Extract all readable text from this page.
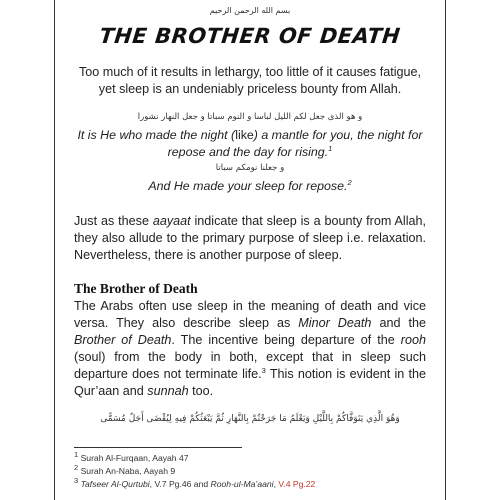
بسم الله الرحمن الرحيم
THE BROTHER OF DEATH
Too much of it results in lethargy, too little of it causes fatigue, yet sleep is an undeniably priceless bounty from Allah.
و هو الذى جعل لكم الليل لباسا و النوم سباتا و جعل النهار نشورا
It is He who made the night (like) a mantle for you, the night for repose and the day for rising.$^1$
و جعلنا نومكم سباتا
And He made your sleep for repose.$^2$
Just as these aayaat indicate that sleep is a bounty from Allah, they also allude to the primary purpose of sleep i.e. relaxation. Nevertheless, there is another purpose of sleep.
The Brother of Death
The Arabs often use sleep in the meaning of death and vice versa. They also describe sleep as Minor Death and the Brother of Death. The incentive being departure of the rooh (soul) from the body in both, except that in sleep such departure does not terminate life.$^3$ This notion is evident in the Qur’aan and sunnah too.
وَهُوَ الَّذِي يَتَوَفَّاكُمْ بِاللَّيْلِ وَيَعْلَمُ مَا جَرَحْتُمْ بِالنَّهَارِ ثُمَّ يَبْعَثُكُمْ فِيهِ لِيُقْضَى أَجَلٌ مُسَمًّى
$^1$ Surah Al-Furqaan, Aayah 47
$^2$ Surah An-Naba, Aayah 9
$^3$ Tafseer Al-Qurtubi, V.7 Pg.46 and Rooh-ul-Ma’aani, V.4 Pg.22
